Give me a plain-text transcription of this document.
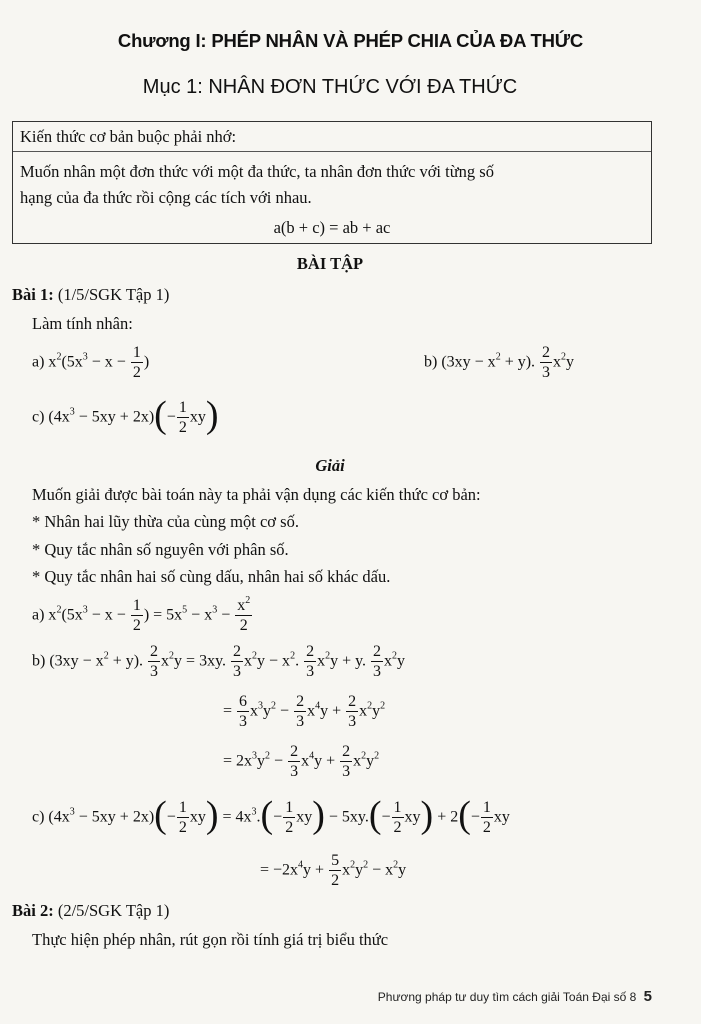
Chương I: PHÉP NHÂN VÀ PHÉP CHIA CỦA ĐA THỨC
Mục 1: NHÂN ĐƠN THỨC VỚI ĐA THỨC
Kiến thức cơ bản buộc phải nhớ:
Muốn nhân một đơn thức với một đa thức, ta nhân đơn thức với từng số
hạng của đa thức rồi cộng các tích với nhau.
a(b + c) = ab + ac
BÀI TẬP
Bài 1: (1/5/SGK Tập 1)
Làm tính nhân:
a) $x^2(5x^3 - x - \frac{1}{2}$ )	b) $(3xy - x^2 + y)$. $\frac{2}{3} x^2y$
c) $(4x^3 - 5xy + 2x)(- \frac{1}{2} xy)$
Giải
Muốn giải được bài toán này ta phải vận dụng các kiến thức cơ bản:
* Nhân hai lũy thừa của cùng một cơ số.
* Quy tắc nhân số nguyên với phân số.
* Quy tắc nhân hai số cùng dấu, nhân hai số khác dấu.
a) $x^2(5x^3 - x - \frac{1}{2}$ ) = $5x^5 - x^3 - \frac{x^2}{2}$
b) $(3xy - x^2 + y)$. $\frac{2}{3} x^2y = 3xy$. $\frac{2}{3} x^2y - x^2$. $\frac{2}{3} x^2y + y$. $\frac{2}{3} x^2y$
= $\frac{6}{3} x^3y^2 - \frac{2}{3} x^4y + \frac{2}{3} x^2y^2$
= $2x^3y^2 - \frac{2}{3} x^4y + \frac{2}{3} x^2y^2$
c) $(4x^3 - 5xy + 2x)(- \frac{1}{2} xy) = 4x^3.(- \frac{1}{2} xy) - 5xy.(- \frac{1}{2} xy) + 2(- \frac{1}{2}$ xy
= $-2x^4y + \frac{5}{2} x^2y^2 - x^2y$
Bài 2: (2/5/SGK Tập 1)
Thực hiện phép nhân, rút gọn rồi tính giá trị biểu thức
Phương pháp tư duy tìm cách giải Toán Đại số 8 5
